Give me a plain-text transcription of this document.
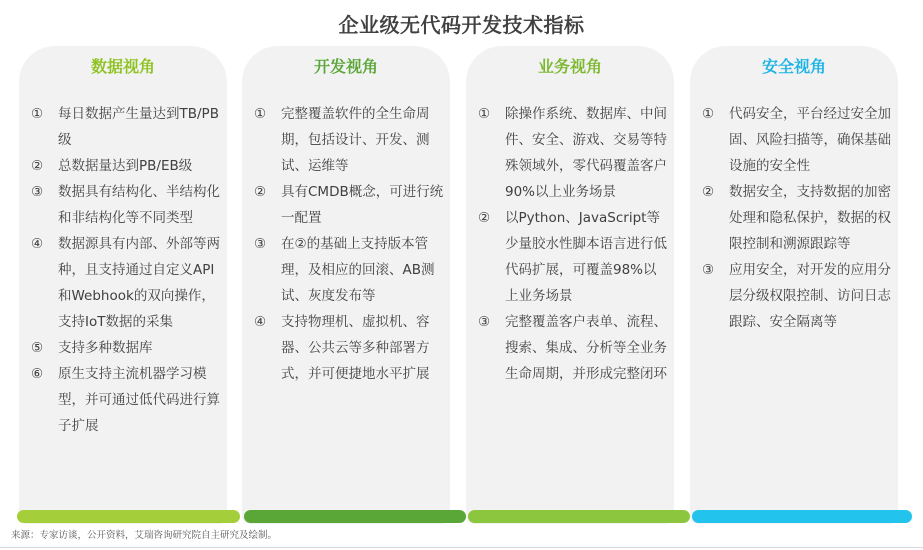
企业级无代码开发技术指标
数据视角
① 每日数据产生量达到TB/PB级
② 总数据量达到PB/EB级
③ 数据具有结构化、半结构化和非结构化等不同类型
④ 数据源具有内部、外部等两种，且支持通过自定义API和Webhook的双向操作，支持IoT数据的采集
⑤ 支持多种数据库
⑥ 原生支持主流机器学习模型，并可通过低代码进行算子扩展
开发视角
① 完整覆盖软件的全生命周期，包括设计、开发、测试、运维等
② 具有CMDB概念，可进行统一配置
③ 在②的基础上支持版本管理，及相应的回滚、AB测试、灰度发布等
④ 支持物理机、虚拟机、容器、公共云等多种部署方式，并可便捷地水平扩展
业务视角
① 除操作系统、数据库、中间件、安全、游戏、交易等特殊领域外，零代码覆盖客户90%以上业务场景
② 以Python、JavaScript等少量胶水性脚本语言进行低代码扩展，可覆盖98%以上业务场景
③ 完整覆盖客户表单、流程、搜索、集成、分析等全业务生命周期，并形成完整闭环
安全视角
① 代码安全，平台经过安全加固、风险扫描等，确保基础设施的安全性
② 数据安全，支持数据的加密处理和隐私保护，数据的权限控制和溯源跟踪等
③ 应用安全，对开发的应用分层分级权限控制、访问日志跟踪、安全隔离等
来源：专家访谈，公开资料，艾瑞咨询研究院自主研究及绘制。
